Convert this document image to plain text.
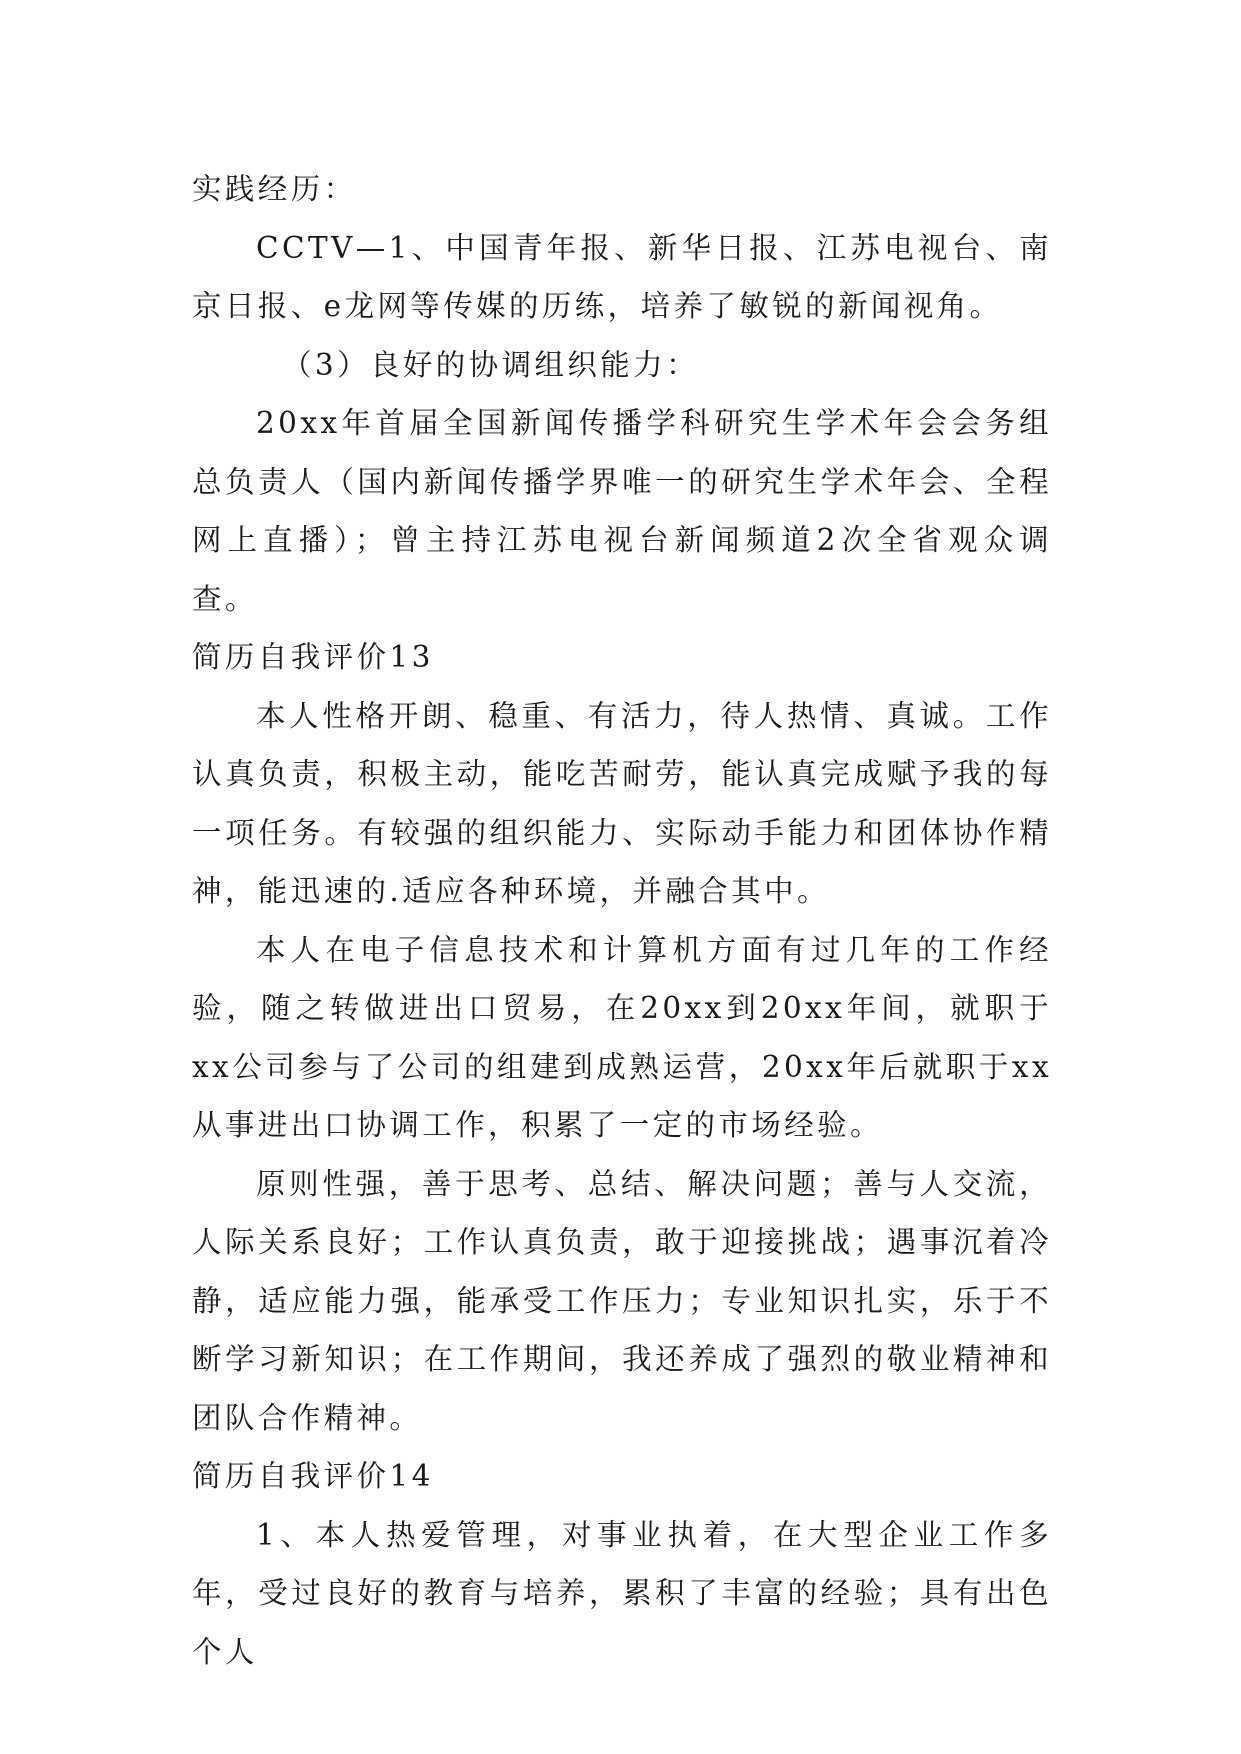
实践经历：

CCTV—1、中国青年报、新华日报、江苏电视台、南京日报、e龙网等传媒的历练，培养了敏锐的新闻视角。

（3）良好的协调组织能力：

20xx年首届全国新闻传播学科研究生学术年会会务组总负责人（国内新闻传播学界唯一的研究生学术年会、全程网上直播）；曾主持江苏电视台新闻频道2次全省观众调查。

简历自我评价13

本人性格开朗、稳重、有活力，待人热情、真诚。工作认真负责，积极主动，能吃苦耐劳，能认真完成赋予我的每一项任务。有较强的组织能力、实际动手能力和团体协作精神，能迅速的.适应各种环境，并融合其中。

本人在电子信息技术和计算机方面有过几年的工作经验，随之转做进出口贸易，在20xx到20xx年间，就职于xx公司参与了公司的组建到成熟运营，20xx年后就职于xx从事进出口协调工作，积累了一定的市场经验。

原则性强，善于思考、总结、解决问题；善与人交流，人际关系良好；工作认真负责，敢于迎接挑战；遇事沉着冷静，适应能力强，能承受工作压力；专业知识扎实，乐于不断学习新知识；在工作期间，我还养成了强烈的敬业精神和团队合作精神。

简历自我评价14

1、本人热爱管理，对事业执着，在大型企业工作多年，受过良好的教育与培养，累积了丰富的经验；具有出色个人
